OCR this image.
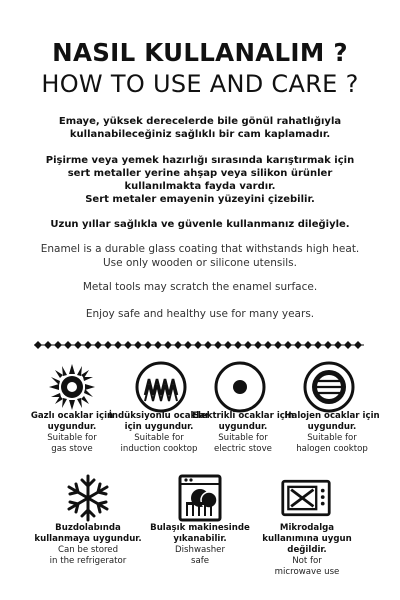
NASIL KULLANALIM ?
HOW TO USE AND CARE ?
Emaye, yüksek derecelerde bile gönül rahatlığıyla
kullanabileceğiniz sağlıklı bir cam kaplamadır.
Pişirme veya yemek hazırlığı sırasında karıştırmak için
sert metaller yerine ahşap veya silikon ürünler
kullanılmakta fayda vardır.
Sert metaler emayenin yüzeyini çizebilir.
Uzun yıllar sağlıkla ve güvenle kullanmanız dileğiyle.
Enamel is a durable glass coating that withstands high heat.
Use only wooden or silicone utensils.
Metal tools may scratch the enamel surface.
Enjoy safe and healthy use for many years.
Gazlı ocaklar için uygundur.
Suitable for
gas stove
İndüksiyonlu ocaklar için uygundur.
Suitable for
induction cooktop
Elektrikli ocaklar için uygundur.
Suitable for
electric stove
Halojen ocaklar için uygundur.
Suitable for
halogen cooktop
Buzdolabında kullanmaya uygundur.
Can be stored
in the refrigerator
Bulaşık makinesinde yıkanabilir.
Dishwasher
safe
Mikrodalga kullanımına uygun değildir.
Not for
microwave use
